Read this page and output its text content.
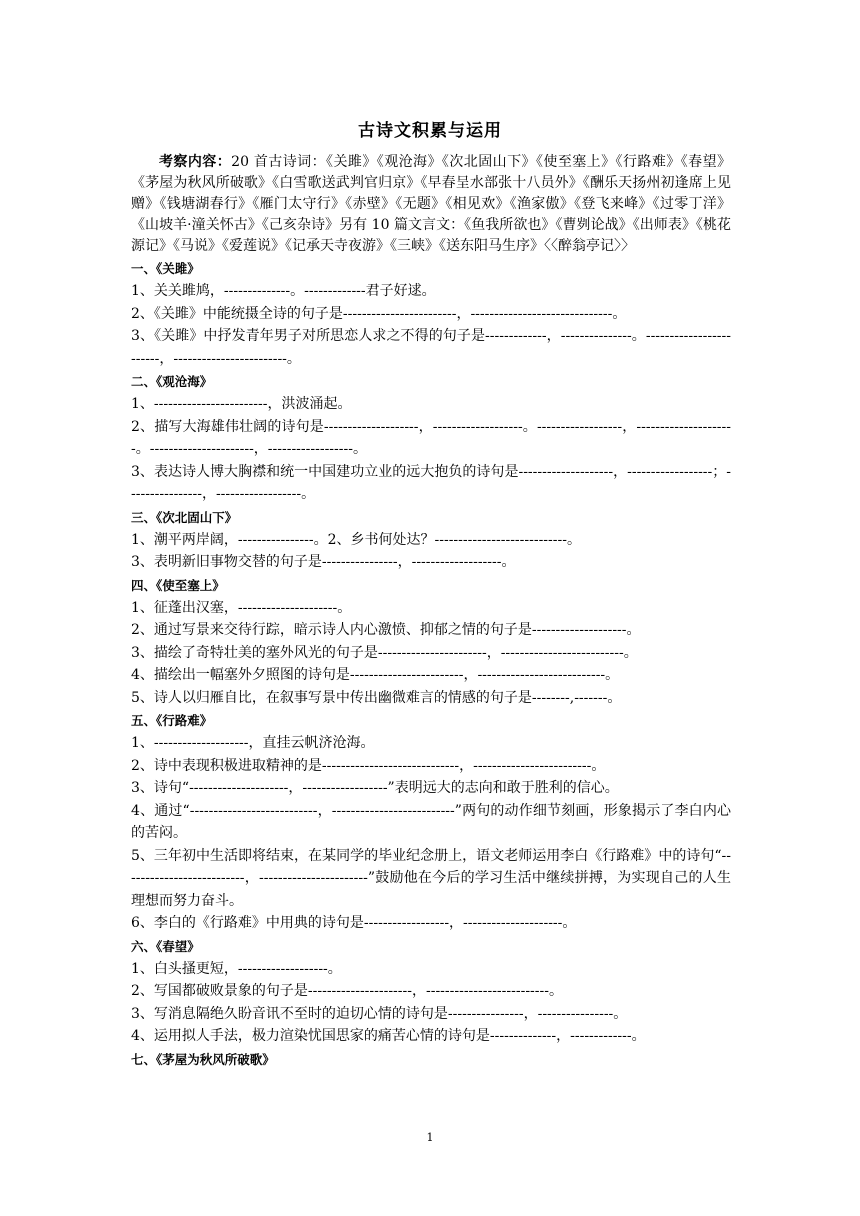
古诗文积累与运用

考察内容：20 首古诗词：《关雎》《观沧海》《次北固山下》《使至塞上》《行路难》《春望》《茅屋为秋风所破歌》《白雪歌送武判官归京》《早春呈水部张十八员外》《酬乐天扬州初逢席上见赠》《钱塘湖春行》《雁门太守行》《赤壁》《无题》《相见欢》《渔家傲》《登飞来峰》《过零丁洋》《山坡羊·潼关怀古》《己亥杂诗》另有 10 篇文言文：《鱼我所欲也》《曹刿论战》《出师表》《桃花源记》《马说》《爱莲说》《记承天寺夜游》《三峡》《送东阳马生序》〈〈醉翁亭记〉〉

一、《关雎》

1、关关雎鸠，--------------。-------------君子好逑。

2、《关雎》中能统摄全诗的句子是------------------------，------------------------------。

3、《关雎》中抒发青年男子对所思恋人求之不得的句子是-------------，---------------。------------------------，------------------------。

二、《观沧海》

1、------------------------，洪波涌起。

2、描写大海雄伟壮阔的诗句是--------------------，-------------------。------------------，---------------------。----------------------，------------------。

3、表达诗人博大胸襟和统一中国建功立业的远大抱负的诗句是--------------------，------------------；----------------，------------------。

三、《次北固山下》

1、潮平两岸阔，----------------。2、乡书何处达？----------------------------。

3、表明新旧事物交替的句子是----------------，-------------------。

四、《使至塞上》

1、征蓬出汉塞，---------------------。

2、通过写景来交待行踪，暗示诗人内心激愤、抑郁之情的句子是--------------------。

3、描绘了奇特壮美的塞外风光的句子是-----------------------，--------------------------。

4、描绘出一幅塞外夕照图的诗句是------------------------，---------------------------。

5、诗人以归雁自比，在叙事写景中传出幽微难言的情感的句子是--------,-------。

五、《行路难》

1、--------------------，直挂云帆济沧海。

2、诗中表现积极进取精神的是-----------------------------，-------------------------。

3、诗句“---------------------，------------------”表明远大的志向和敢于胜利的信心。

4、通过“---------------------------，--------------------------”两句的动作细节刻画，形象揭示了李白内心的苦闷。

5、三年初中生活即将结束，在某同学的毕业纪念册上，语文老师运用李白《行路难》中的诗句“--------------------------，-----------------------”鼓励他在今后的学习生活中继续拼搏，为实现自己的人生理想而努力奋斗。

6、李白的《行路难》中用典的诗句是------------------，---------------------。

六、《春望》

1、白头搔更短，-------------------。

2、写国都破败景象的句子是----------------------，--------------------------。

3、写消息隔绝久盼音讯不至时的迫切心情的诗句是----------------，----------------。

4、运用拟人手法，极力渲染忧国思家的痛苦心情的诗句是--------------，-------------。

七、《茅屋为秋风所破歌》
1
